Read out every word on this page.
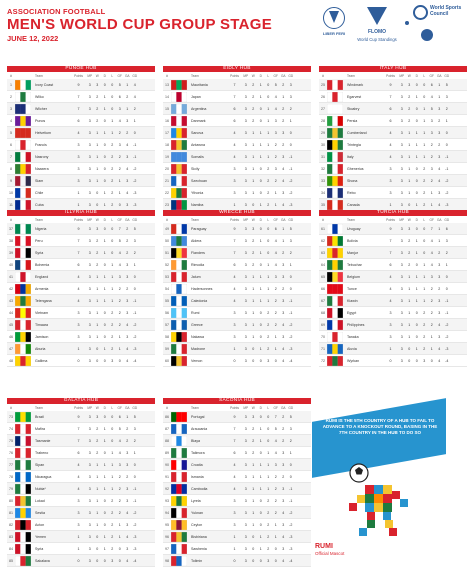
ASSOCIATION FOOTBALL
MEN'S WORLD CUP GROUP STAGE
JUNE 12, 2022
LIBER FERI	FLOMO
World Cup Standings
World Sports Council
PUNOE HUB
#	Team	Points	MP	W	D	L	GF GA GD
1	Ivory Coast	9	3	3	0	0	5	1	4
2	Wilko	7	3	2	1	0	6	2	4
3	Wilcher	7	3	2	1	0	3	1	2
4	Punos	6	3	2	0	1	4	3	1
5	Helvetium	4	3	1	1	1	2	2	0
6	Francis	3	3	1	0	2	3	4	-1
7	Nasrony	3	3	1	0	2	2	3	-1
8	Naaxera	3	3	1	0	2	2	4	-2
9	Siam	3	3	1	0	2	1	3	-2
10	Chile	1	3	0	1	2	1	4	-3
11	Cuba	1	3	0	1	2	0	3	-3
EIDLY HUB
#	Team	Points	MP	W	D	L	GF GA GD
13	Mauritania	7	3	2	1	0	5	2	3
14	Japan	7	3	2	1	0	4	1	3
15	Argentina	6	3	2	0	1	4	2	2
16	Danmark	6	3	2	0	1	3	2	1
17	Sanova	4	3	1	1	1	3	3	0
18	Antawna	4	3	1	1	1	2	2	0
19	Somalis	4	3	1	1	1	2	3	-1
20	Sicily	3	3	1	0	2	3	4	-1
21	Szechuan	3	3	1	0	2	2	4	-2
22	Ythonia	3	3	1	0	2	1	3	-2
23	Namiba	1	3	0	1	2	1	4	-3
ITALY HUB
#	Team	Points	MP	W	D	L	GF GA GD
25	Windmark	9	3	3	0	0	6	1	5
26	Egarvest	7	3	2	1	0	4	1	3
27	Stoabry	6	3	2	0	1	5	3	2
28	Persia	6	3	2	0	1	3	2	1
29	Cumberland	4	3	1	1	1	3	3	0
30	Trintegia	4	3	1	1	1	2	2	0
31	Italy	4	3	1	1	1	2	3	-1
32	Ghenerius	3	3	1	0	2	3	4	-1
33	Shona	3	3	1	0	2	2	4	-2
34	Rebo	3	3	1	0	2	1	3	-2
35	Canada	1	3	0	1	2	1	4	-3
ILLYRIA HUB
#	Team	Points	MP	W	D	L	GF GA GD
37	Nigeria	9	3	3	0	0	7	2	5
38	Peru	7	3	2	1	0	5	2	3
39	Syria	7	3	2	1	0	4	2	2
40	Bohemia	6	3	2	0	1	4	3	1
41	England	4	3	1	1	1	3	3	0
42	Armenia	4	3	1	1	1	2	2	0
43	Telengana	4	3	1	1	1	2	3	-1
44	Vietnam	3	3	1	0	2	2	3	-1
45	Timaara	3	3	1	0	2	2	4	-2
46	Jamison	3	3	1	0	2	1	3	-2
47	Aburia	1	3	0	1	2	1	4	-3
48	Gallirna	0	3	0	0	3	0	4	-4
WRECCE HUB
#	Team	Points	MP	W	D	L	GF GA GD
49	Paraguay	9	3	3	0	0	6	1	5
50	Aldera	7	3	2	1	0	4	1	3
51	Flanders	7	3	2	1	0	4	2	2
52	Rimodia	6	3	2	0	1	4	3	1
53	Jalum	4	3	1	1	1	3	3	0
54	Hadersonnes	4	3	1	1	1	2	2	0
55	Caledonia	4	3	1	1	1	2	3	-1
56	Rumi	3	3	1	0	2	2	3	-1
57	Greece	3	3	1	0	2	2	4	-2
58	Nakawa	3	3	1	0	2	1	3	-2
59	Madrone	1	3	0	1	2	1	4	-3
60	Vernon	0	3	0	0	3	0	4	-4
TURCIA HUB
#	Team	Points	MP	W	D	L	GF GA GD
61	Uruguay	9	3	3	0	0	7	1	6
62	Bolivia	7	3	2	1	0	4	1	3
63	Manjur	7	3	2	1	0	4	2	2
64	Tebuchar	6	3	2	0	1	4	3	1
65	Belgium	4	3	1	1	1	3	3	0
66	Tunce	4	3	1	1	1	2	2	0
67	Kiawin	4	3	1	1	1	2	3	-1
68	Egypt	3	3	1	0	2	2	3	-1
69	Philippines	3	3	1	0	2	2	4	-2
70	Tanaka	3	3	1	0	2	1	3	-2
71	Aluvia	1	3	0	1	2	1	4	-3
72	Wyrkan	0	3	0	0	3	0	4	-4
GALATIA HUB
#	Team	Points	MP	W	D	L	GF GA GD
73	Brazil	9	3	3	0	0	6	1	5
74	Mafira	7	3	2	1	0	5	2	3
75	Tasmanie	7	3	2	1	0	4	2	2
76	Trabeno	6	3	2	0	1	4	3	1
77	Sipan	4	3	1	1	1	3	3	0
78	Nicaragua	4	3	1	1	1	2	2	0
79	Nubia*	4	3	1	1	1	2	3	-1
80	Lokad	3	3	1	0	2	2	3	-1
81	Sestia	3	3	1	0	2	2	4	-2
82	Acton	3	3	1	0	2	1	3	-2
83	Yemen	1	3	0	1	2	1	4	-3
84	Syria	1	3	0	1	2	0	3	-3
85	Sakalava	0	3	0	0	3	0	4	-4
SACONIA HUB
#	Team	Points	MP	W	D	L	GF GA GD
86	Portugal	9	3	3	0	0	7	2	5
87	Araucania	7	3	2	1	0	5	2	3
88	Biaya	7	3	2	1	0	4	2	2
89	Talimora	6	3	2	0	1	4	3	1
90	Croatia	4	3	1	1	1	3	3	0
91	Ismania	4	3	1	1	1	2	2	0
92	Cambodia	4	3	1	1	1	2	3	-1
93	Lyrela	3	3	1	0	2	2	3	-1
94	Yuknan	3	3	1	0	2	2	4	-2
95	Ceylon	3	3	1	0	2	1	3	-2
96	Bisbiriana	1	3	0	1	2	1	4	-3
97	Sawhenia	1	3	0	1	2	0	3	-3
98	Tollmin	0	3	0	0	3	0	4	-4
RUMI IS THE 5TH COUNTRY OF A HUB TO FAIL TO ADVANCE TO A KNOCKOUT ROUND, BASING IN THE 7TH COUNTRY IN THE HUB TO DO SO
RUMI
Official Mascot
